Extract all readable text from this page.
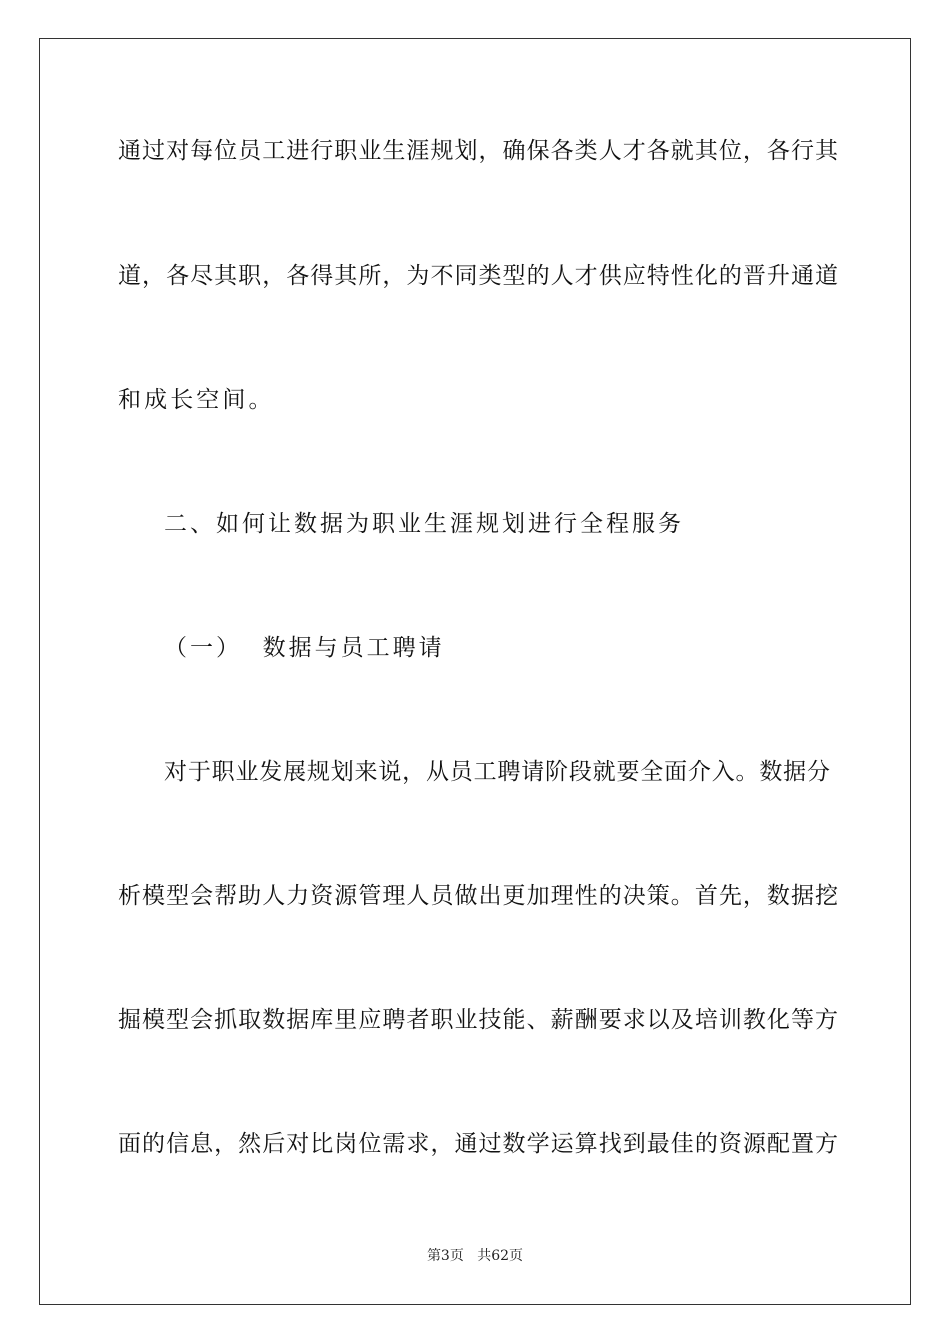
通过对每位员工进行职业生涯规划，确保各类人才各就其位，各行其
道，各尽其职，各得其所，为不同类型的人才供应特性化的晋升通道
和成长空间。
二、如何让数据为职业生涯规划进行全程服务
（一）  数据与员工聘请
对于职业发展规划来说，从员工聘请阶段就要全面介入。数据分
析模型会帮助人力资源管理人员做出更加理性的决策。首先，数据挖
掘模型会抓取数据库里应聘者职业技能、薪酬要求以及培训教化等方
面的信息，然后对比岗位需求，通过数学运算找到最佳的资源配置方
第3页 共62页
